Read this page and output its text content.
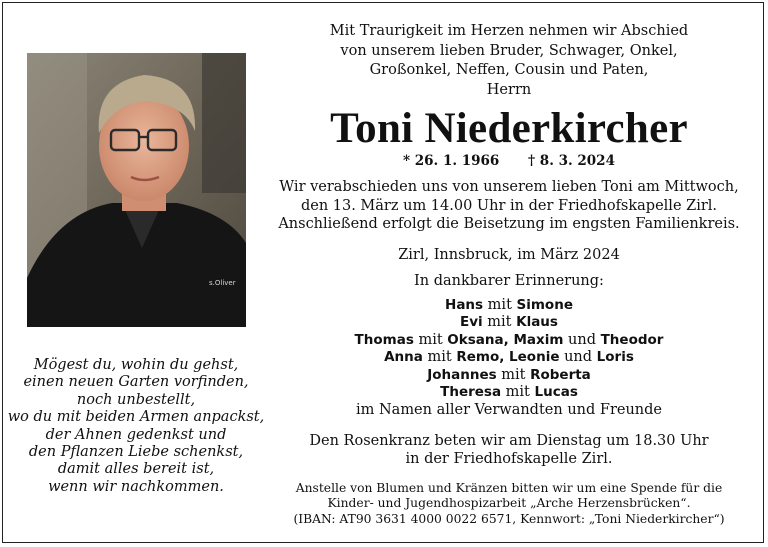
s.Oliver
Mögest du, wohin du gehst,
einen neuen Garten vorfinden,
noch unbestellt,
wo du mit beiden Armen anpackst,
der Ahnen gedenkst und
den Pflanzen Liebe schenkst,
damit alles bereit ist,
wenn wir nachkommen.
Mit Traurigkeit im Herzen nehmen wir Abschied
von unserem lieben Bruder, Schwager, Onkel,
Großonkel, Neffen, Cousin und Paten,
Herrn
Toni Niederkircher
* 26. 1. 1966 † 8. 3. 2024
Wir verabschieden uns von unserem lieben Toni am Mittwoch,
den 13. März um 14.00 Uhr in der Friedhofskapelle Zirl.
Anschließend erfolgt die Beisetzung im engsten Familienkreis.
Zirl, Innsbruck, im März 2024
In dankbarer Erinnerung:
Hans mit Simone
Evi mit Klaus
Thomas mit Oksana, Maxim und Theodor
Anna mit Remo, Leonie und Loris
Johannes mit Roberta
Theresa mit Lucas
im Namen aller Verwandten und Freunde
Den Rosenkranz beten wir am Dienstag um 18.30 Uhr
in der Friedhofskapelle Zirl.
Anstelle von Blumen und Kränzen bitten wir um eine Spende für die
Kinder- und Jugendhospizarbeit „Arche Herzensbrücken“.
(IBAN: AT90 3631 4000 0022 6571, Kennwort: „Toni Niederkircher“)
